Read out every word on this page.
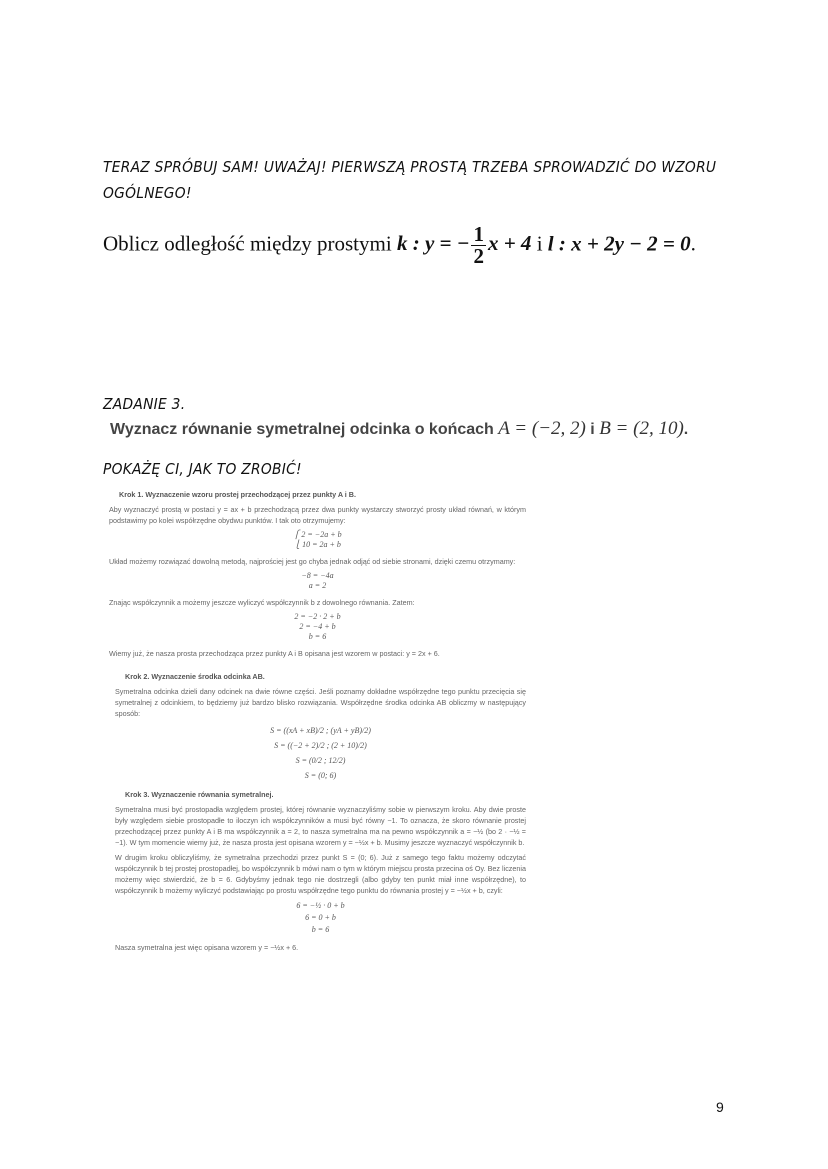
TERAZ SPRÓBUJ SAM! UWAŻAJ! PIERWSZĄ PROSTĄ TRZEBA SPROWADZIĆ DO WZORU
OGÓLNEGO!
Oblicz odległość między prostymi k : y = − $\frac{1}{2}$ x + 4 i l : x + 2y − 2 = 0.
ZADANIE 3.
Wyznacz równanie symetralnej odcinka o końcach A = (−2, 2) i B = (2, 10).
POKAŻĘ CI, JAK TO ZROBIĆ!

Krok 1. Wyznaczenie wzoru prostej przechodzącej przez punkty A i B.

Aby wyznaczyć prostą w postaci y = ax + b przechodzącą przez dwa punkty wystarczy stworzyć prosty układ równań, w którym podstawimy po kolei współrzędne obydwu punktów. I tak oto otrzymujemy:

⎧ 2 = −2a + b
⎩ 10 = 2a + b

Układ możemy rozwiązać dowolną metodą, najprościej jest go chyba jednak odjąć od siebie stronami, dzięki czemu otrzymamy:

−8 = −4a
a = 2

Znając współczynnik a możemy jeszcze wyliczyć współczynnik b z dowolnego równania. Zatem:

2 = −2 · 2 + b
2 = −4 + b
b = 6

Wiemy już, że nasza prosta przechodząca przez punkty A i B opisana jest wzorem w postaci: y = 2x + 6.

Krok 2. Wyznaczenie środka odcinka AB.

Symetralna odcinka dzieli dany odcinek na dwie równe części. Jeśli poznamy dokładne współrzędne tego punktu przecięcia się symetralnej z odcinkiem, to będziemy już bardzo blisko rozwiązania. Współrzędne środka odcinka AB obliczmy w następujący sposób:

S = ((xA + xB)/2 ; (yA + yB)/2)
S = ((−2 + 2)/2 ; (2 + 10)/2)
S = (0/2 ; 12/2)
S = (0; 6)

Krok 3. Wyznaczenie równania symetralnej.

Symetralna musi być prostopadła względem prostej, której równanie wyznaczyliśmy sobie w pierwszym kroku. Aby dwie proste były względem siebie prostopadłe to iloczyn ich współczynników a musi być równy −1. To oznacza, że skoro równanie prostej przechodzącej przez punkty A i B ma współczynnik a = 2, to nasza symetralna ma na pewno współczynnik a = −½ (bo 2 · −½ = −1). W tym momencie wiemy już, że nasza prosta jest opisana wzorem y = −½x + b. Musimy jeszcze wyznaczyć współczynnik b.

W drugim kroku obliczyliśmy, że symetralna przechodzi przez punkt S = (0; 6). Już z samego tego faktu możemy odczytać współczynnik b tej prostej prostopadłej, bo współczynnik b mówi nam o tym w którym miejscu prosta przecina oś Oy. Bez liczenia możemy więc stwierdzić, że b = 6. Gdybyśmy jednak tego nie dostrzegli (albo gdyby ten punkt miał inne współrzędne), to współczynnik b możemy wyliczyć podstawiając po prostu współrzędne tego punktu do równania prostej y = −½x + b, czyli:

6 = −½ · 0 + b
6 = 0 + b
b = 6

Nasza symetralna jest więc opisana wzorem y = −½x + 6.

9
